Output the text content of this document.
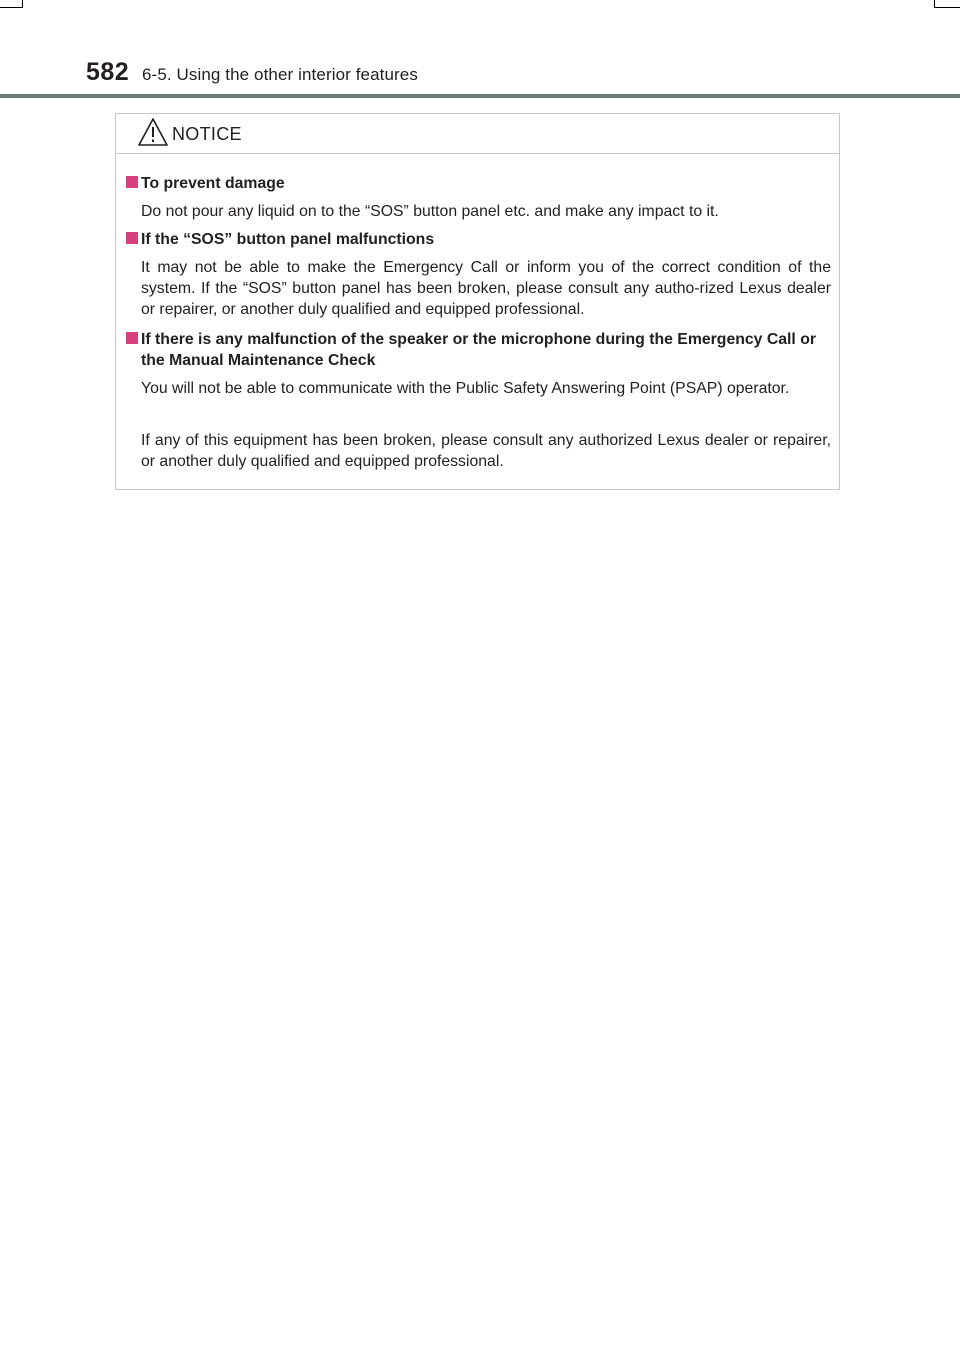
582 6-5. Using the other interior features
NOTICE
To prevent damage
Do not pour any liquid on to the “SOS” button panel etc. and make any impact to it.
If the “SOS” button panel malfunctions
It may not be able to make the Emergency Call or inform you of the correct condition of the system. If the “SOS” button panel has been broken, please consult any autho-rized Lexus dealer or repairer, or another duly qualified and equipped professional.
If there is any malfunction of the speaker or the microphone during the Emergency Call or the Manual Maintenance Check
You will not be able to communicate with the Public Safety Answering Point (PSAP) operator.
If any of this equipment has been broken, please consult any authorized Lexus dealer or repairer, or another duly qualified and equipped professional.
